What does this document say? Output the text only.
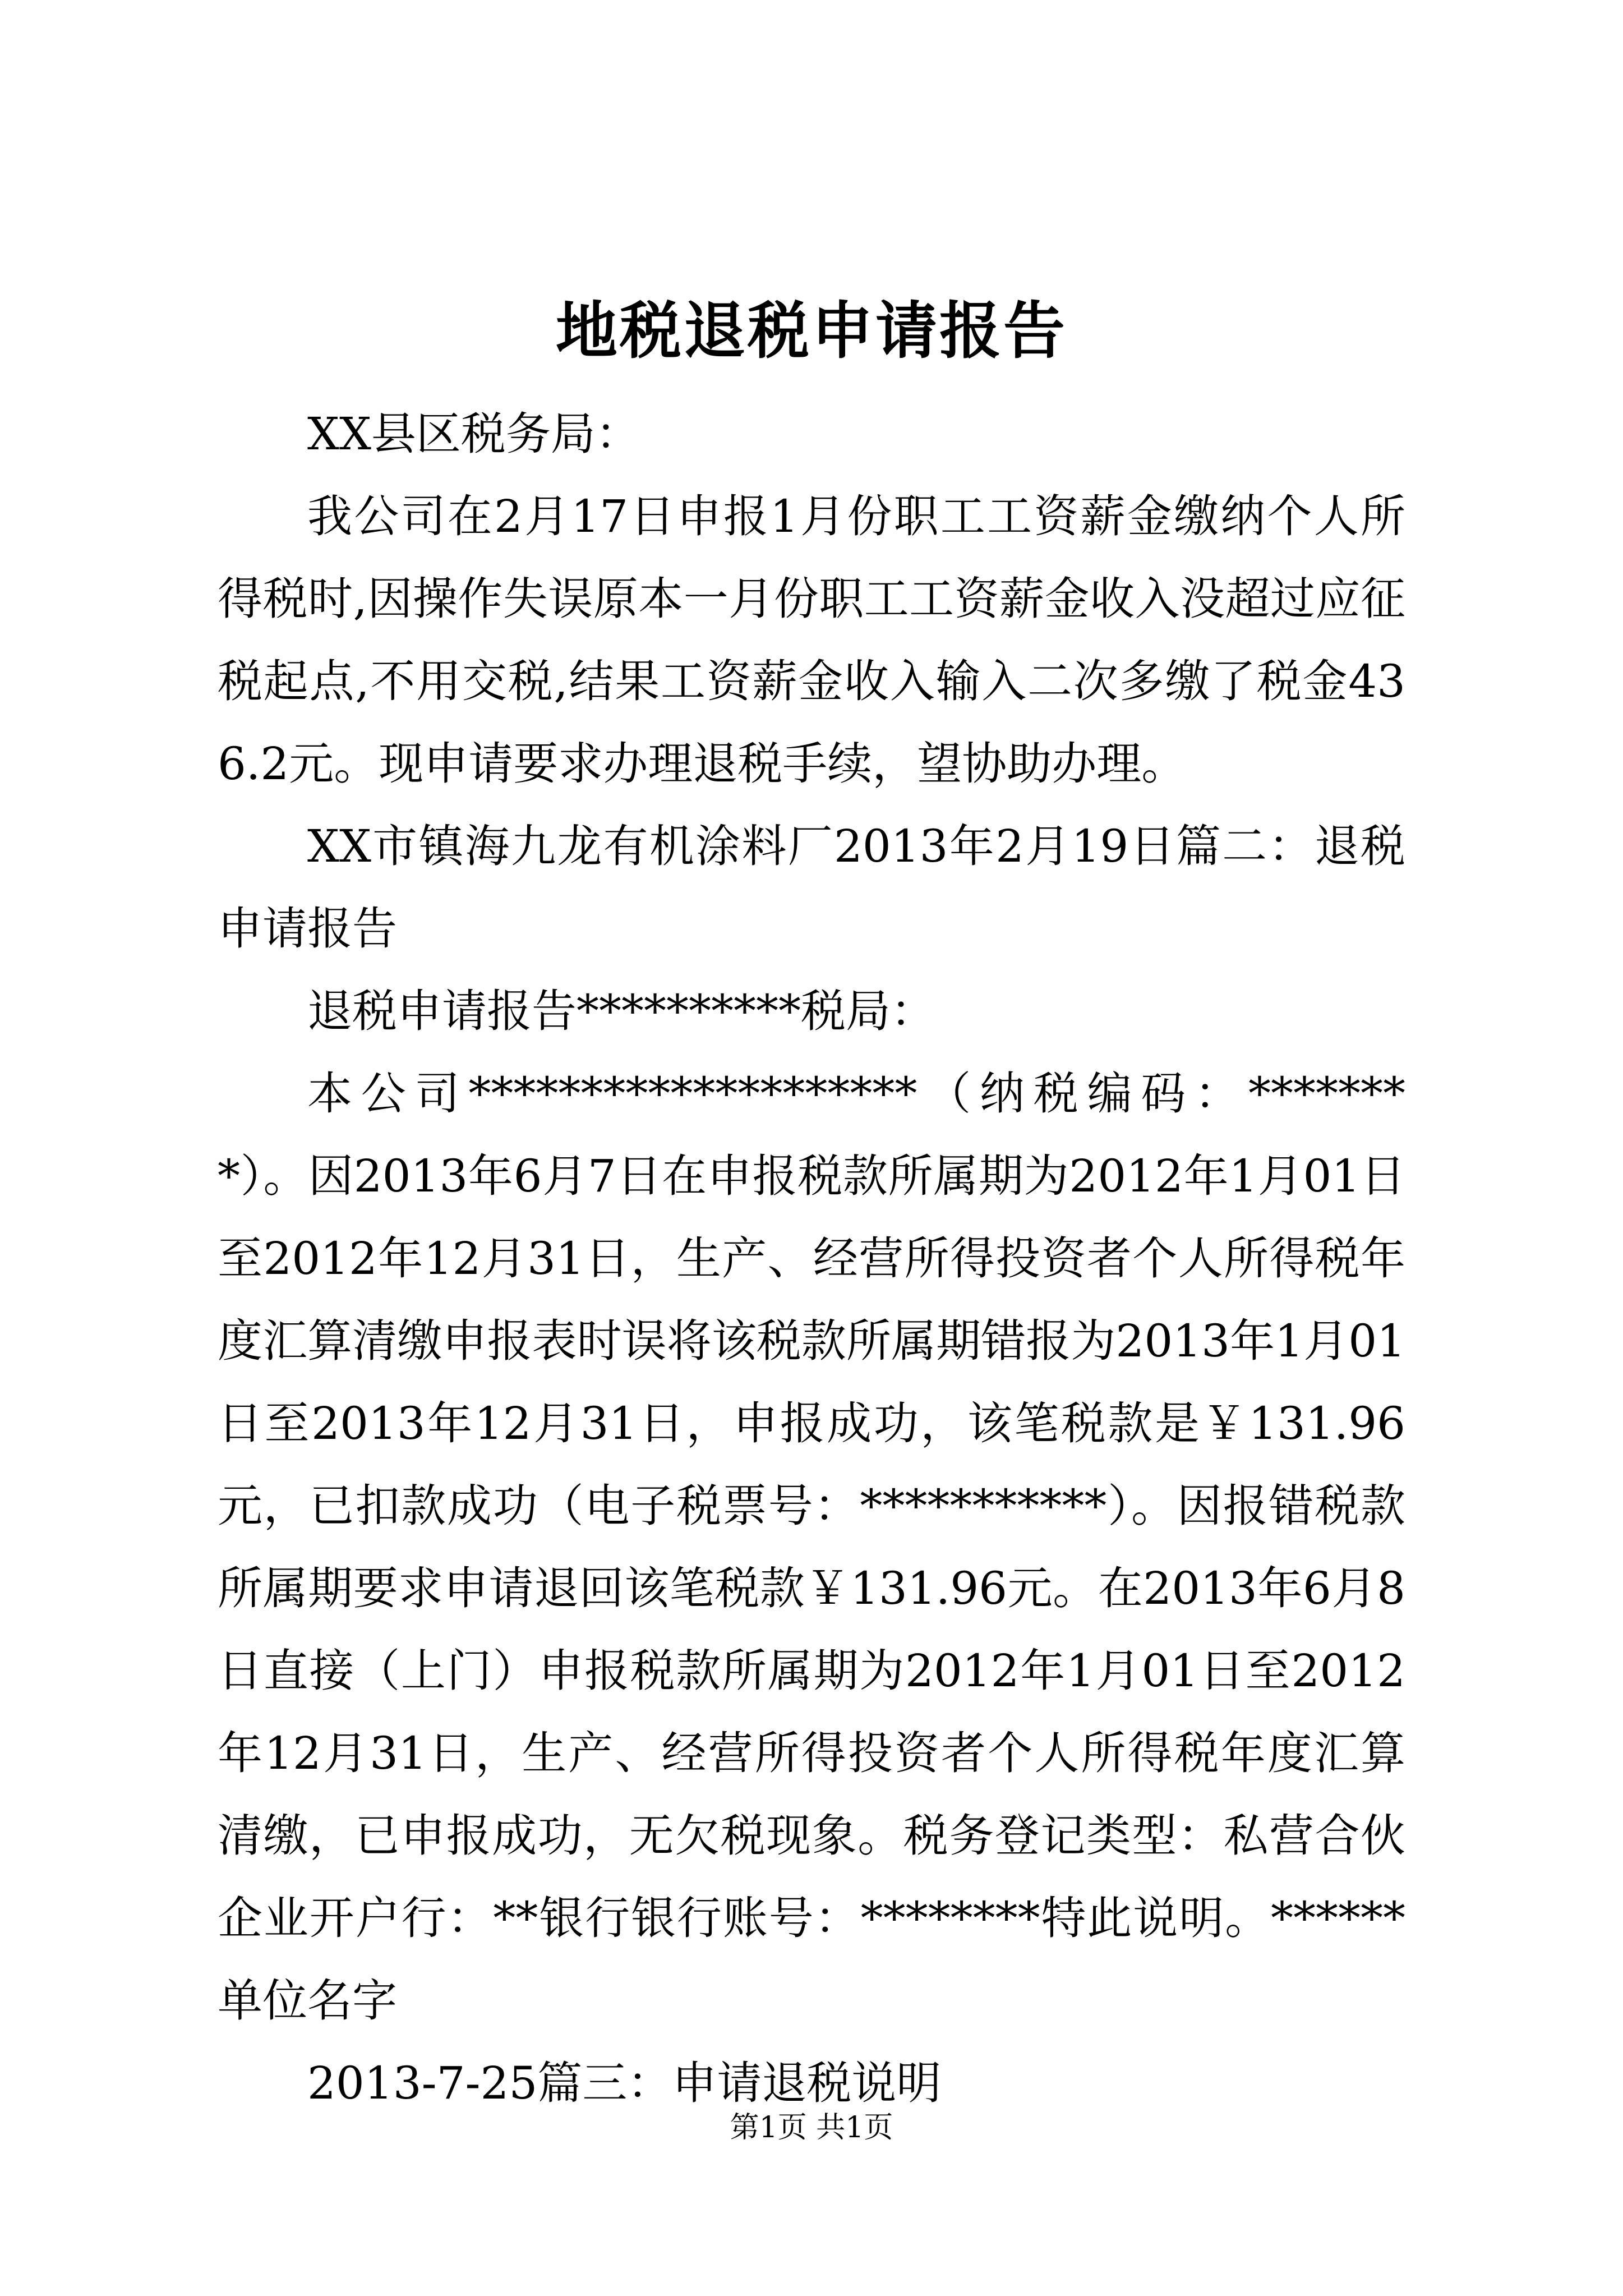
地税退税申请报告

XX县区税务局：

我公司在2月17日申报1月份职工工资薪金缴纳个人所得税时,因操作失误原本一月份职工工资薪金收入没超过应征税起点,不用交税,结果工资薪金收入输入二次多缴了税金436.2元。现申请要求办理退税手续，望协助办理。

XX市镇海九龙有机涂料厂2013年2月19日篇二：退税申请报告

退税申请报告**********税局：

本公司********************（纳税编码：********）。因2013年6月7日在申报税款所属期为2012年1月01日至2012年12月31日，生产、经营所得投资者个人所得税年度汇算清缴申报表时误将该税款所属期错报为2013年1月01日至2013年12月31日，申报成功，该笔税款是￥131.96元，已扣款成功（电子税票号：***********）。因报错税款所属期要求申请退回该笔税款￥131.96元。在2013年6月8日直接（上门）申报税款所属期为2012年1月01日至2012年12月31日，生产、经营所得投资者个人所得税年度汇算清缴，已申报成功，无欠税现象。税务登记类型：私营合伙企业开户行：**银行银行账号：********特此说明。******单位名字

2013-7-25篇三：申请退税说明

第1页 共1页
